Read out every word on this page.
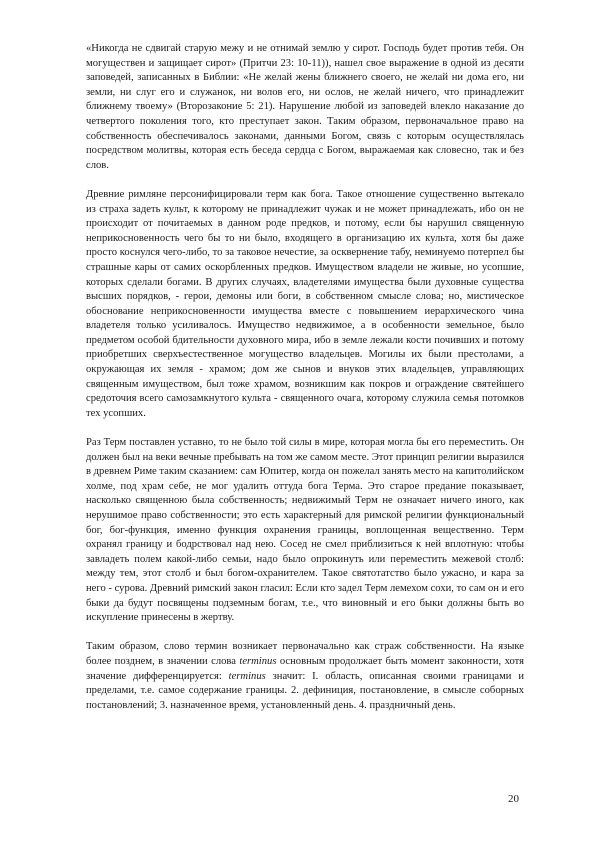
«Никогда не сдвигай старую межу и не отнимай землю у сирот. Господь будет против тебя. Он могуществен и защищает сирот» (Притчи 23: 10-11)), нашел свое выражение в одной из десяти заповедей, записанных в Библии: «Не желай жены ближнего своего, не желай ни дома его, ни земли, ни слуг его и служанок, ни волов его, ни ослов, не желай ничего, что принадлежит ближнему твоему» (Второзаконие 5: 21). Нарушение любой из заповедей влекло наказание до четвертого поколения того, кто преступает закон. Таким образом, первоначальное право на собственность обеспечивалось законами, данными Богом, связь с которым осуществлялась посредством молитвы, которая есть беседа сердца с Богом, выражаемая как словесно, так и без слов.

Древние римляне персонифицировали терм как бога. Такое отношение существенно вытекало из страха задеть культ, к которому не принадлежит чужак и не может принадлежать, ибо он не происходит от почитаемых в данном роде предков, и потому, если бы нарушил священную неприкосновенность чего бы то ни было, входящего в организацию их культа, хотя бы даже просто коснулся чего-либо, то за таковое нечестие, за осквернение табу, неминуемо потерпел бы страшные кары от самих оскорбленных предков. Имуществом владели не живые, но усопшие, которых сделали богами. В других случаях, владетелями имущества были духовные существа высших порядков, - герои, демоны или боги, в собственном смысле слова; но, мистическое обоснование неприкосновенности имущества вместе с повышением иерархического чина владетеля только усиливалось. Имущество недвижимое, а в особенности земельное, было предметом особой бдительности духовного мира, ибо в земле лежали кости почивших и потому приобретших сверхъестественное могущество владельцев. Могилы их были престолами, а окружающая их земля - храмом; дом же сынов и внуков этих владельцев, управляющих священным имуществом, был тоже храмом, возникшим как покров и ограждение святейшего средоточия всего самозамкнутого культа - священного очага, которому служила семья потомков тех усопших.

Раз Терм поставлен уставно, то не было той силы в мире, которая могла бы его переместить. Он должен был на веки вечные пребывать на том же самом месте. Этот принцип религии выразился в древнем Риме таким сказанием: сам Юпитер, когда он пожелал занять место на капитолийском холме, под храм себе, не мог удалить оттуда бога Терма. Это старое предание показывает, насколько священною была собственность; недвижимый Терм не означает ничего иного, как нерушимое право собственности; это есть характерный для римской религии функциональный бог, бог-функция, именно функция охранения границы, воплощенная вещественно. Терм охранял границу и бодрствовал над нею. Сосед не смел приблизиться к ней вплотную: чтобы завладеть полем какой-либо семьи, надо было опрокинуть или переместить межевой столб: между тем, этот столб и был богом-охранителем. Такое святотатство было ужасно, и кара за него - сурова. Древний римский закон гласил: Если кто задел Терм лемехом сохи, то сам он и его быки да будут посвящены подземным богам, т.е., что виновный и его быки должны быть во искупление принесены в жертву.

Таким образом, слово термин возникает первоначально как страж собственности. На языке более позднем, в значении слова terminus основным продолжает быть момент законности, хотя значение дифференцируется: terminus значит: I. область, описанная своими границами и пределами, т.е. самое содержание границы. 2. дефиниция, постановление, в смысле соборных постановлений; 3. назначенное время, установленный день. 4. праздничный день.

20
